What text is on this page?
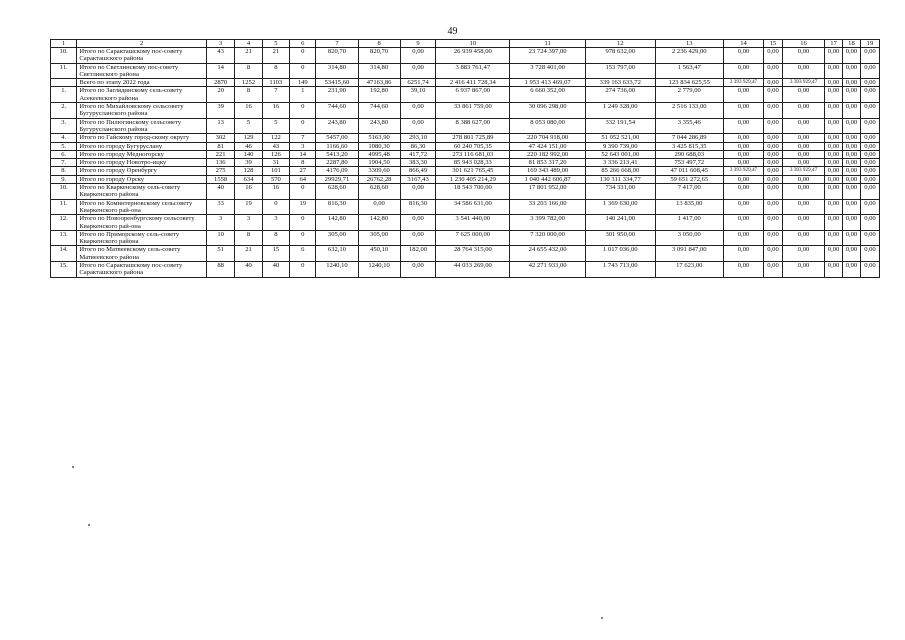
49
1	2	3	4	5	6	7	8	9	10	11	12	13	14	15	16	17	18	19
10.	Итого по Саракташскому пос-советy Саракташского района	43	21	21	0	820,70	820,70	0,00	26 939 458,00	23 724 397,00	978 632,00	2 236 429,00	0,00	0,00	0,00	0,00	0,00	0,00
11.	Итого по Светлинскому пос-совету Светлинского района	14	8	8	0	314,80	314,80	0,00	3 883 761,47	3 728 401,00	153 797,00	1 563,47	0,00	0,00	0,00	0,00	0,00	0,00
	Всего по этапу 2022 года	2870	1252	1103	149	53415,60	47163,86	6251,74	2 416 411 728,34	1 953 413 469,07	339 163 633,72	123 834 625,55	3 393 929,47	0,00	3 393 929,47	0,00	0,00	0,00
1.	Итого по Заглядинскому сель-совету Асекеевского района	20	8	7	1	231,90	192,80	39,10	6 937 867,00	6 660 352,00	274 736,00	2 779,00	0,00	0,00	0,00	0,00	0,00	0,00
2.	Итого по Михайловскому сельсовету Бугурусланского района	39	16	16	0	744,60	744,60	0,00	33 861 759,00	30 096 298,00	1 249 328,00	2 516 133,00	0,00	0,00	0,00	0,00	0,00	0,00
3.	Итого по Пилюгинскому сельсовету Бугурусланского района	13	5	5	0	243,80	243,80	0,00	8 388 627,00	8 053 080,00	332 191,54	3 355,46	0,00	0,00	0,00	0,00	0,00	0,00
4.	Итого по Гайскому город-скому округу	302	129	122	7	5457,00	5163,90	293,10	278 801 725,89	220 704 918,00	51 052 521,00	7 044 286,89	0,00	0,00	0,00	0,00	0,00	0,00
5.	Итого по городу Бугуруслану	81	46	43	3	1166,60	1080,30	86,30	60 240 705,35	47 424 151,00	9 390 739,00	3 425 815,35	0,00	0,00	0,00	0,00	0,00	0,00
6.	Итого по городу Медногорску	221	140	126	14	5413,20	4995,48	417,72	273 116 681,03	220 182 992,00	52 643 001,00	290 688,03	0,00	0,00	0,00	0,00	0,00	0,00
7.	Итого по городу Новотро-ицку	136	39	31	8	2287,80	1904,50	383,30	85 943 028,33	81 853 317,20	3 336 213,41	753 497,72	0,00	0,00	0,00	0,00	0,00	0,00
8.	Итого по городу Оренбургу	275	128	101	27	4176,09	3309,60	866,49	301 621 765,45	169 343 489,00	85 266 668,00	47 011 608,45	3 393 929,47	0,00	3 393 929,47	0,00	0,00	0,00
9.	Итого по городу Орску	1558	634	570	64	29929,71	26762,28	3167,43	1 230 405 214,29	1 040 442 606,87	130 311 334,77	59 651 272,65	0,00	0,00	0,00	0,00	0,00	0,00
10.	Итого по Кваркенскому сель-совету Кваркенского района	40	16	16	0	628,60	628,60	0,00	18 543 700,00	17 801 952,00	734 331,00	7 417,00	0,00	0,00	0,00	0,00	0,00	0,00
11.	Итого по Коминтерновскому сельсовету Кваркенского рай-она	33	19	0	19	816,30	0,00	816,30	34 586 631,00	33 203 166,00	1 369 630,00	13 835,00	0,00	0,00	0,00	0,00	0,00	0,00
12.	Итого по Новооренбургскому сельсовету Кваркенского рай-она	3	3	3	0	142,80	142,80	0,00	3 541 440,00	3 399 782,00	140 241,00	1 417,00	0,00	0,00	0,00	0,00	0,00	0,00
13.	Итого по Приморскому сель-совету Кваркенского района	10	8	8	0	305,00	305,00	0,00	7 625 000,00	7 320 000,00	301 950,00	3 050,00	0,00	0,00	0,00	0,00	0,00	0,00
14.	Итого по Матвеевскому сель-совету Матвеевского района	51	21	15	6	632,10	450,10	182,00	28 764 315,00	24 655 432,00	1 017 036,00	3 091 847,00	0,00	0,00	0,00	0,00	0,00	0,00
15.	Итого по Саракташскому пос-совету Саракташского района	88	40	40	0	1240,10	1240,10	0,00	44 033 269,00	42 271 933,00	1 743 713,00	17 623,00	0,00	0,00	0,00	0,00	0,00	0,00
